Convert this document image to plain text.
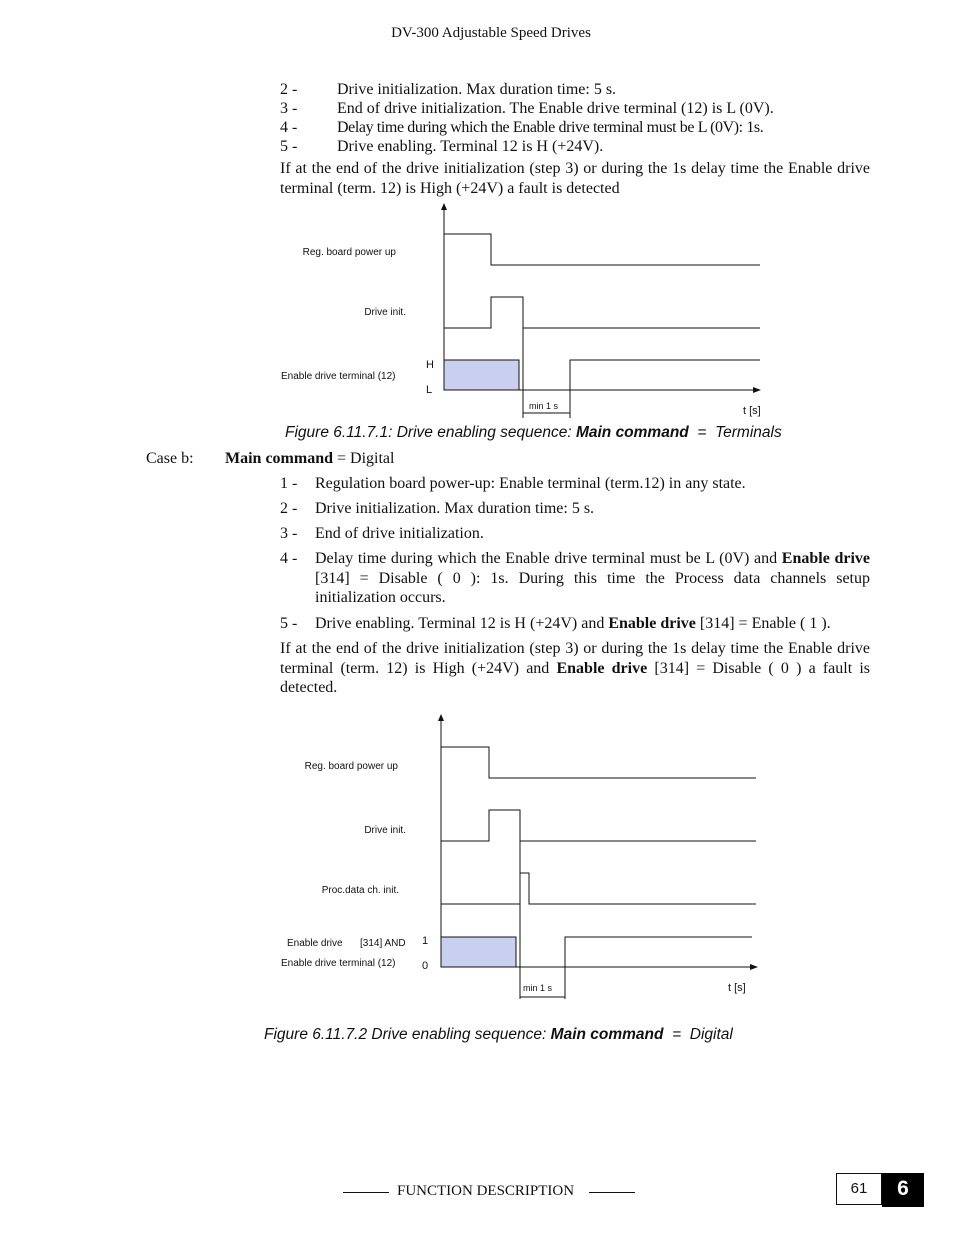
DV-300 Adjustable Speed Drives
2 - Drive initialization. Max duration time: 5 s.
3 - End of drive initialization. The Enable drive terminal (12) is L (0V).
4 - Delay time during which the Enable drive terminal must be L (0V): 1s.
5 - Drive enabling. Terminal 12 is H (+24V).
If at the end of the drive initialization (step 3) or during the 1s delay time the Enable drive terminal (term. 12) is High (+24V) a fault is detected
Reg. board power up
Drive init.
Enable drive terminal (12)
H
L
min 1 s	t [s]
Figure 6.11.7.1: Drive enabling sequence: Main command = Terminals
Case b: Main command = Digital
1 - Regulation board power-up: Enable terminal (term.12) in any state.
2 - Drive initialization. Max duration time: 5 s.
3 - End of drive initialization.
4 - Delay time during which the Enable drive terminal must be L (0V) and Enable drive [314] = Disable ( 0 ): 1s. During this time the Process data channels setup initialization occurs.
5 - Drive enabling. Terminal 12 is H (+24V) and Enable drive [314] = Enable ( 1 ).
If at the end of the drive initialization (step 3) or during the 1s delay time the Enable drive terminal (term. 12) is High (+24V) and Enable drive [314] = Disable ( 0 ) a fault is detected.
Reg. board power up
Drive init.
Proc.data ch. init.
Enable drive [314] AND
Enable drive terminal (12)
1
0
min 1 s	t [s]
Figure 6.11.7.2 Drive enabling sequence: Main command = Digital
FUNCTION DESCRIPTION	61	6
